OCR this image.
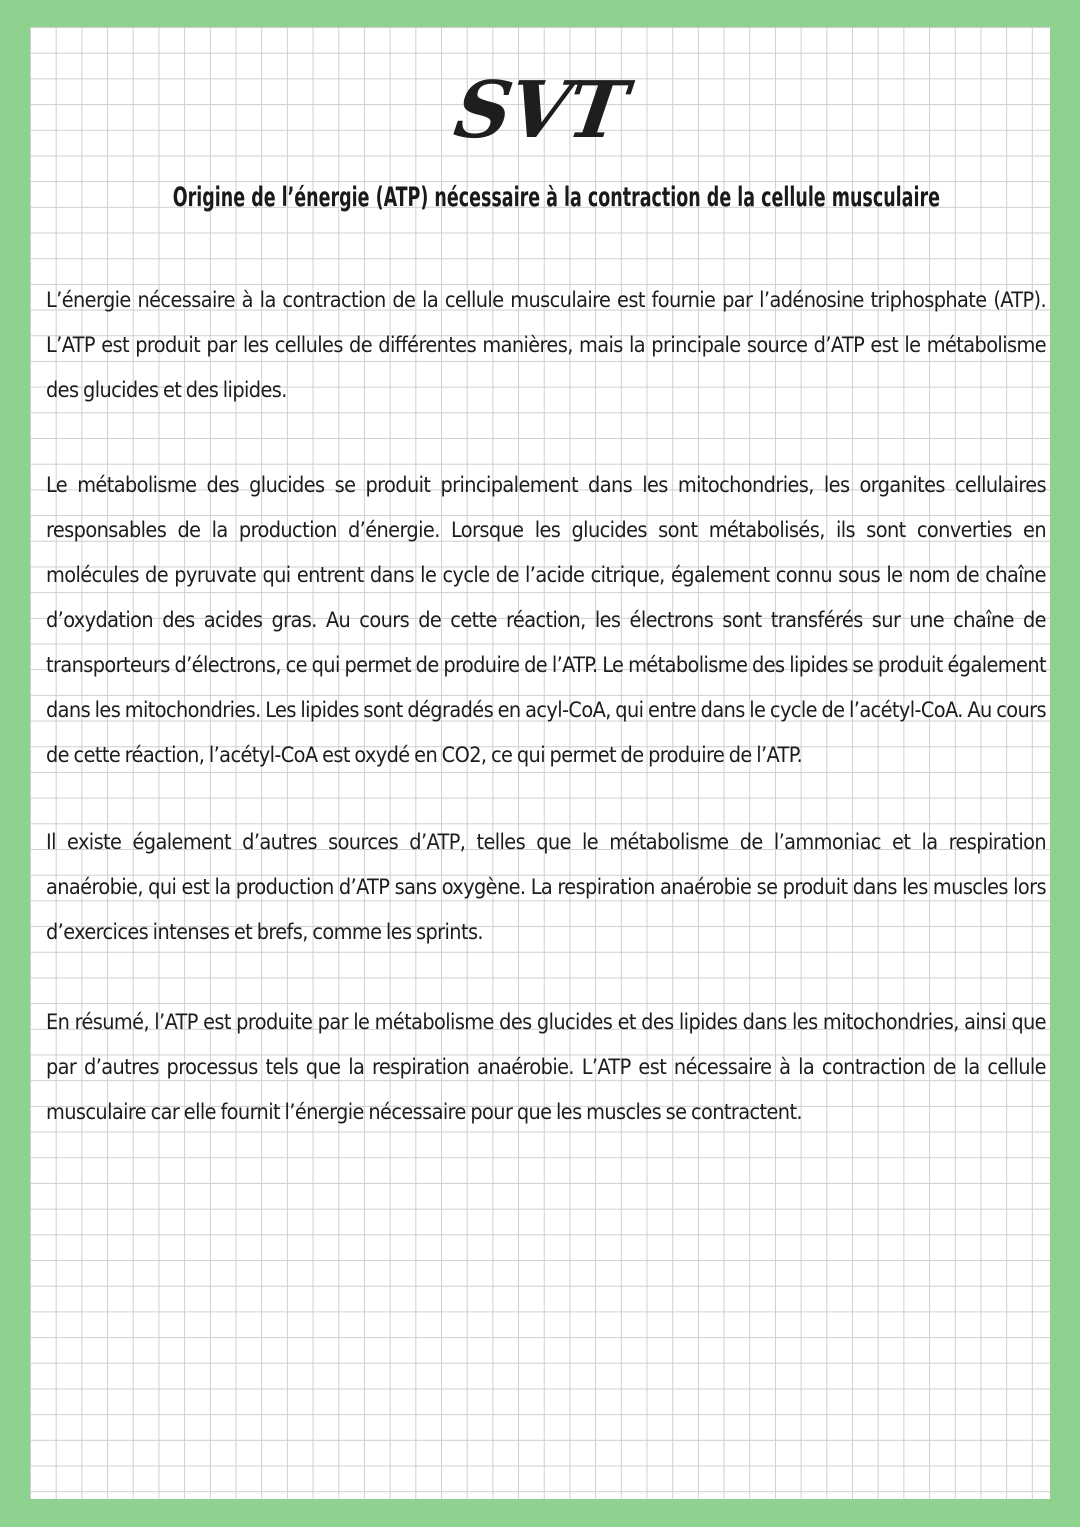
SVT
Origine de l’énergie (ATP) nécessaire à la contraction de la cellule musculaire

L’énergie nécessaire à la contraction de la cellule musculaire est fournie par l’adénosine triphosphate (ATP). L’ATP est produit par les cellules de différentes manières, mais la principale source d’ATP est le métabolisme des glucides et des lipides.

Le métabolisme des glucides se produit principalement dans les mitochondries, les organites cellulaires responsables de la production d’énergie. Lorsque les glucides sont métabolisés, ils sont converties en molécules de pyruvate qui entrent dans le cycle de l’acide citrique, également connu sous le nom de chaîne d’oxydation des acides gras. Au cours de cette réaction, les électrons sont transférés sur une chaîne de transporteurs d’électrons, ce qui permet de produire de l’ATP. Le métabolisme des lipides se produit également dans les mitochondries. Les lipides sont dégradés en acyl-CoA, qui entre dans le cycle de l’acétyl-CoA. Au cours de cette réaction, l’acétyl-CoA est oxydé en CO2, ce qui permet de produire de l’ATP.

Il existe également d’autres sources d’ATP, telles que le métabolisme de l’ammoniac et la respiration anaérobie, qui est la production d’ATP sans oxygène. La respiration anaérobie se produit dans les muscles lors d’exercices intenses et brefs, comme les sprints.

En résumé, l’ATP est produite par le métabolisme des glucides et des lipides dans les mitochondries, ainsi que par d’autres processus tels que la respiration anaérobie. L’ATP est nécessaire à la contraction de la cellule musculaire car elle fournit l’énergie nécessaire pour que les muscles se contractent.
